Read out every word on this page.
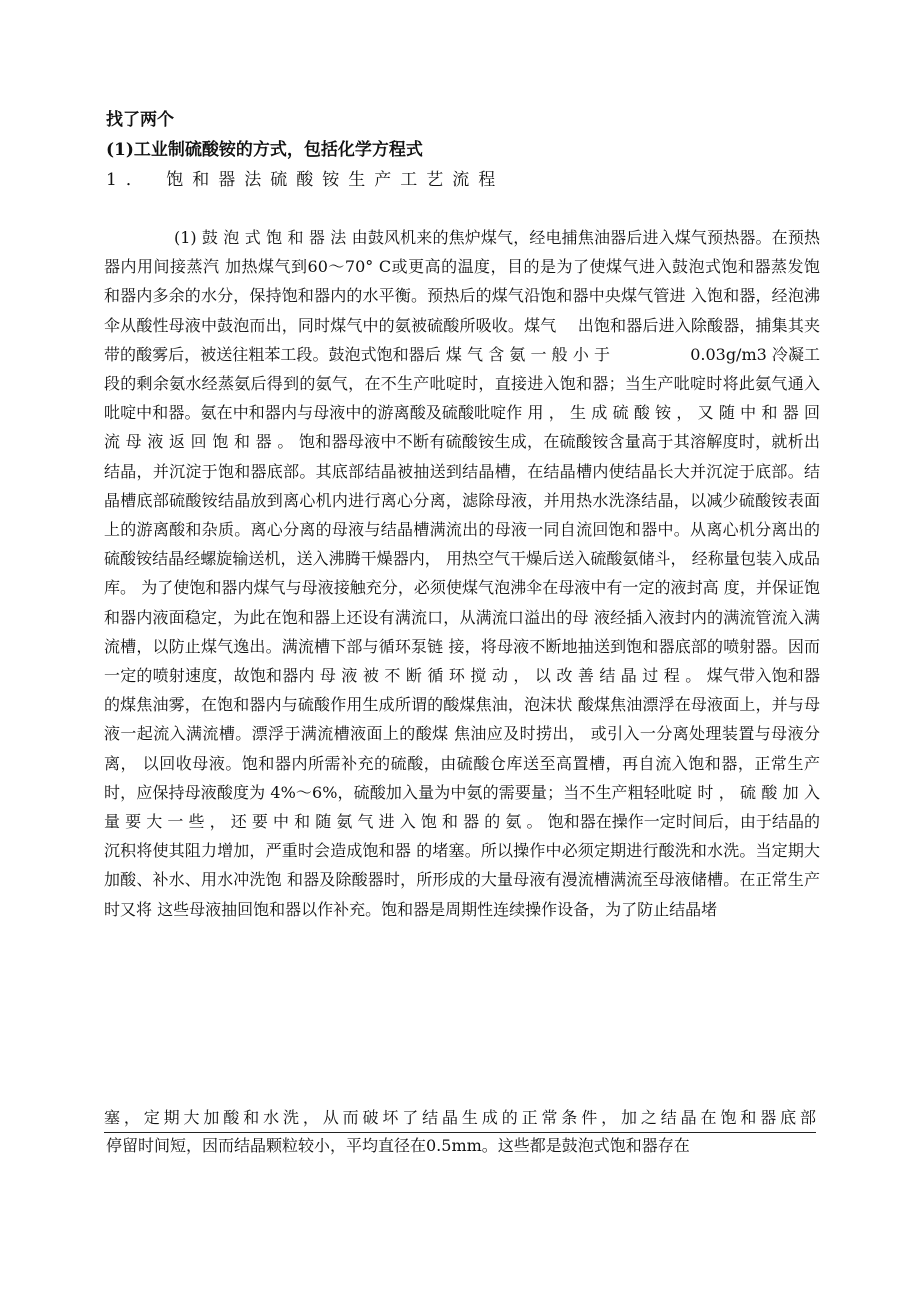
找了两个
(1)工业制硫酸铵的方式，包括化学方程式
1． 饱和器法硫酸铵生产工艺流程

(1) 鼓 泡 式 饱 和 器 法 由鼓风机来的焦炉煤气，经电捕焦油器后进入煤气预热器。在预热器内用间接蒸汽 加热煤气到60〜70° C或更高的温度，目的是为了使煤气进入鼓泡式饱和器蒸发饱 和器内多余的水分，保持饱和器内的水平衡。预热后的煤气沿饱和器中央煤气管进 入饱和器，经泡沸伞从酸性母液中鼓泡而出，同时煤气中的氨被硫酸所吸收。煤气　 出饱和器后进入除酸器，捕集其夹带的酸雾后，被送往粗苯工段。鼓泡式饱和器后 煤 气 含 氨 一 般 小 于　　　　　0.03g/m3 冷凝工段的剩余氨水经蒸氨后得到的氨气，在不生产吡啶时，直接进入饱和器；当生产吡啶时将此氨气通入吡啶中和器。氨在中和器内与母液中的游离酸及硫酸吡啶作 用 ， 生 成 硫 酸 铵 ， 又 随 中 和 器 回 流 母 液 返 回 饱 和 器 。 饱和器母液中不断有硫酸铵生成，在硫酸铵含量高于其溶解度时，就析出结晶，并沉淀于饱和器底部。其底部结晶被抽送到结晶槽，在结晶槽内使结晶长大并沉淀于底部。结晶槽底部硫酸铵结晶放到离心机内进行离心分离，滤除母液，并用热水洗涤结晶，以减少硫酸铵表面上的游离酸和杂质。离心分离的母液与结晶槽满流出的母液一同自流回饱和器中。从离心机分离出的硫酸铵结晶经螺旋输送机，送入沸腾干燥器内， 用热空气干燥后送入硫酸氨储斗， 经称量包装入成品库。 为了使饱和器内煤气与母液接触充分，必须使煤气泡沸伞在母液中有一定的液封高 度，并保证饱和器内液面稳定，为此在饱和器上还设有满流口，从满流口溢出的母 液经插入液封内的满流管流入满流槽，以防止煤气逸出。满流槽下部与循环泵链 接，将母液不断地抽送到饱和器底部的喷射器。因而一定的喷射速度，故饱和器内 母 液 被 不 断 循 环 搅 动 ， 以 改 善 结 晶 过 程 。 煤气带入饱和器的煤焦油雾，在饱和器内与硫酸作用生成所谓的酸煤焦油，泡沫状 酸煤焦油漂浮在母液面上，并与母液一起流入满流槽。漂浮于满流槽液面上的酸煤 焦油应及时捞出， 或引入一分离处理装置与母液分离， 以回收母液。饱和器内所需补充的硫酸，由硫酸仓库送至高置槽，再自流入饱和器，正常生产 时，应保持母液酸度为 4%〜6%，硫酸加入量为中氨的需要量；当不生产粗轻吡啶 时 ， 硫 酸 加 入 量 要 大 一 些 ， 还 要 中 和 随 氨 气 进 入 饱 和 器 的 氨 。 饱和器在操作一定时间后，由于结晶的沉积将使其阻力增加，严重时会造成饱和器 的堵塞。所以操作中必须定期进行酸洗和水洗。当定期大加酸、补水、用水冲洗饱 和器及除酸器时，所形成的大量母液有漫流槽满流至母液储槽。在正常生产时又将 这些母液抽回饱和器以作补充。饱和器是周期性连续操作设备，为了防止结晶堵

塞，定期大加酸和水洗，从而破坏了结晶生成的正常条件，加之结晶在饱和器底部
停留时间短，因而结晶颗粒较小，平均直径在0.5mm。这些都是鼓泡式饱和器存在
